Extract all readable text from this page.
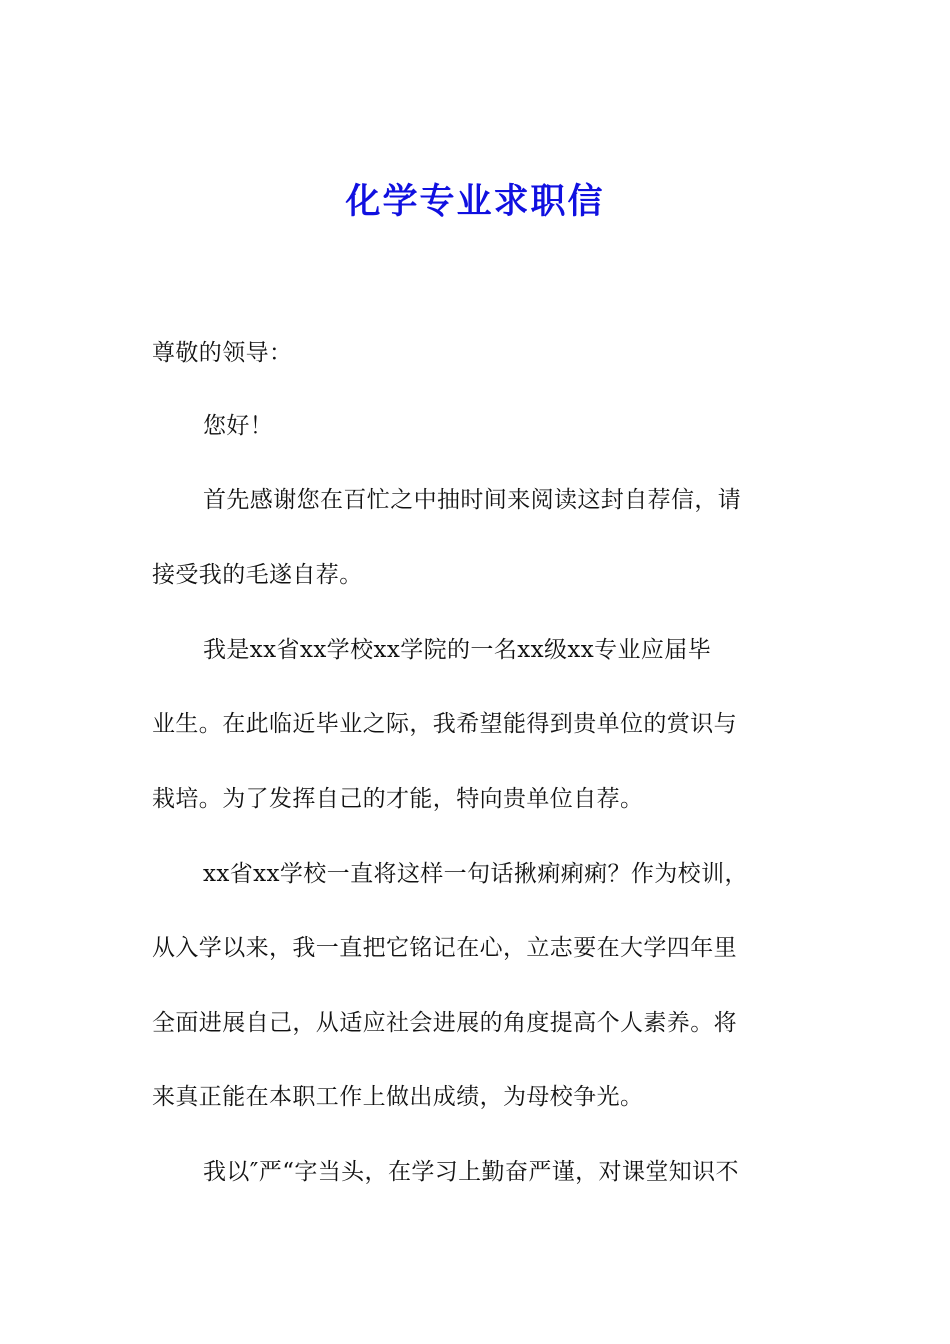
化学专业求职信
尊敬的领导：
您好！
首先感谢您在百忙之中抽时间来阅读这封自荐信，请
接受我的毛遂自荐。
我是xx省xx学校xx学院的一名xx级xx专业应届毕
业生。在此临近毕业之际，我希望能得到贵单位的赏识与
栽培。为了发挥自己的才能，特向贵单位自荐。
xx省xx学校一直将这样一句话揪痢痢痢？作为校训，
从入学以来，我一直把它铭记在心，立志要在大学四年里
全面进展自己，从适应社会进展的角度提高个人素养。将
来真正能在本职工作上做出成绩，为母校争光。
我以″严“字当头，在学习上勤奋严谨，对课堂知识不
